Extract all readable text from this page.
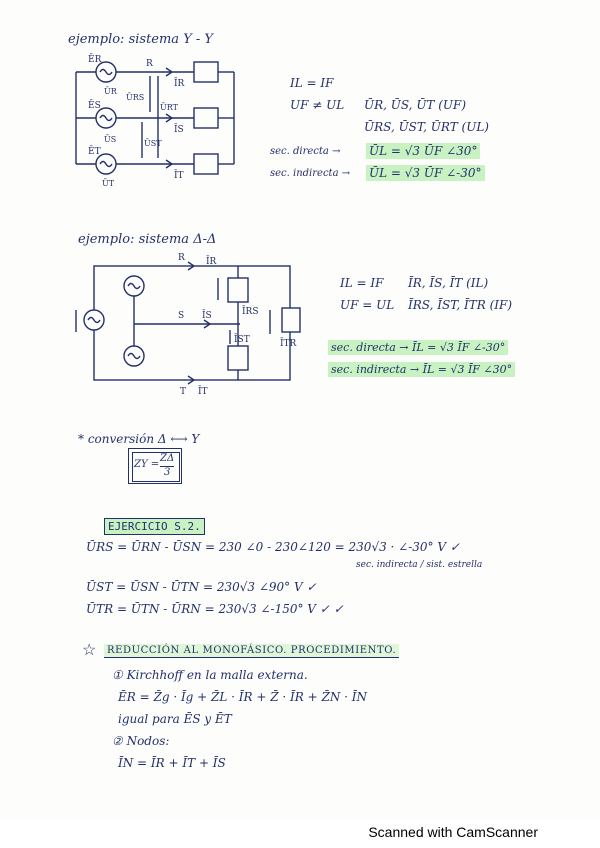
ejemplo: sistema Y - Y
ĒR
ĒS
ĒT
ŪR
ŪS
ŪT
R
ĪR
ĪS
ĪT
ŪRS
ŪRT
ŪST
IL = IF
UF ≠ UL ŪR, ŪS, ŪT (UF)
ŪRS, ŪST, ŪRT (UL)
sec. directa → ŪL = √3 ŪF ∠30°
sec. indirecta → ŪL = √3 ŪF ∠-30°
ejemplo: sistema Δ-Δ
R ĪR
S ĪS	ĪRS
ĪST	ĪTR
T ĪT
IL = IF ĪR, ĪS, ĪT (IL)
UF = UL ĪRS, ĪST, ĪTR (IF)
sec. directa → ĪL = √3 ĪF ∠-30°
sec. indirecta → ĪL = √3 ĪF ∠30°
* conversión Δ ⟷ Y
ZY =
ZΔ
3
EJERCICIO S.2.
ŪRS = ŪRN - ŪSN = 230 ∠0 - 230∠120 = 230√3 · ∠-30° V ✓
sec. indirecta / sist. estrella
ŪST = ŪSN - ŪTN = 230√3 ∠90° V ✓
ŪTR = ŪTN - ŪRN = 230√3 ∠-150° V ✓ ✓
☆	REDUCCIÓN AL MONOFÁSICO. PROCEDIMIENTO.
① Kirchhoff en la malla externa.
ĒR = Z̄g · Īg + Z̄L · ĪR + Z̄ · ĪR + Z̄N · ĪN
igual para ĒS y ĒT
② Nodos:
ĪN = ĪR + ĪT + ĪS
Scanned with CamScanner
